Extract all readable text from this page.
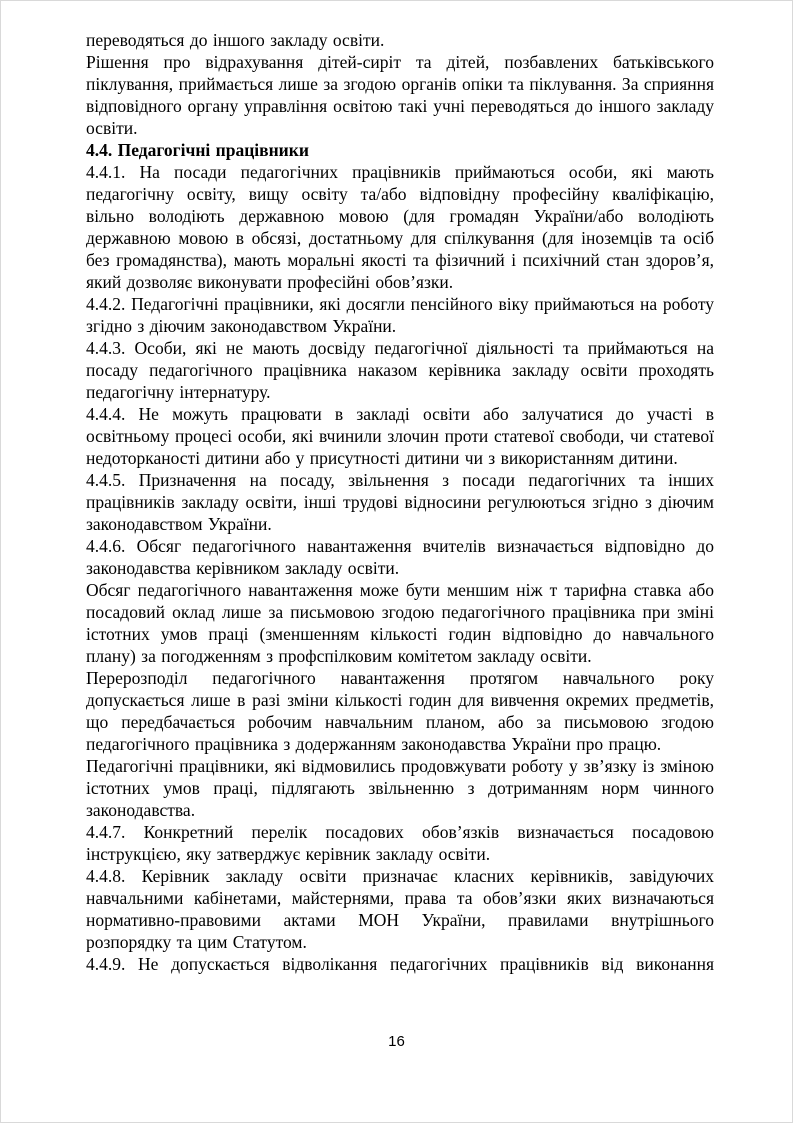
переводяться до іншого закладу освіти.

Рішення про відрахування дітей-сиріт та дітей, позбавлених батьківського піклування, приймається лише за згодою органів опіки та піклування. За сприяння відповідного органу управління освітою такі учні переводяться до іншого закладу освіти.

4.4. Педагогічні працівники

4.4.1. На посади педагогічних працівників приймаються особи, які мають педагогічну освіту, вищу освіту та/або відповідну професійну кваліфікацію, вільно володіють державною мовою (для громадян України/або володіють державною мовою в обсязі, достатньому для спілкування (для іноземців та осіб без громадянства), мають моральні якості та фізичний і психічний стан здоров’я, який дозволяє виконувати професійні обов’язки.

4.4.2. Педагогічні працівники, які досягли пенсійного віку приймаються на роботу згідно з діючим законодавством України.

4.4.3. Особи, які не мають досвіду педагогічної діяльності та приймаються на посаду педагогічного працівника наказом керівника закладу освіти проходять педагогічну інтернатуру.

4.4.4. Не можуть працювати в закладі освіти або залучатися до участі в освітньому процесі особи, які вчинили злочин проти статевої свободи, чи статевої недоторканості дитини або у присутності дитини чи з використанням дитини.

4.4.5. Призначення на посаду, звільнення з посади педагогічних та інших працівників закладу освіти, інші трудові відносини регулюються згідно з діючим законодавством України.

4.4.6. Обсяг педагогічного навантаження вчителів визначається відповідно до законодавства керівником закладу освіти.

Обсяг педагогічного навантаження може бути меншим ніж т тарифна ставка або посадовий оклад лише за письмовою згодою педагогічного працівника при зміні істотних умов праці (зменшенням кількості годин відповідно до навчального плану) за погодженням з профспілковим комітетом закладу освіти.

Перерозподіл педагогічного навантаження протягом навчального року допускається лише в разі зміни кількості годин для вивчення окремих предметів, що передбачається робочим навчальним планом, або за письмовою згодою педагогічного працівника з додержанням законодавства України про працю.

Педагогічні працівники, які відмовились продовжувати роботу у зв’язку із зміною істотних умов праці, підлягають звільненню з дотриманням норм чинного законодавства.

4.4.7. Конкретний перелік посадових обов’язків визначається посадовою інструкцією, яку затверджує керівник закладу освіти.

4.4.8. Керівник закладу освіти призначає класних керівників, завідуючих навчальними кабінетами, майстернями, права та обов’язки яких визначаються нормативно-правовими актами МОН України, правилами внутрішнього розпорядку та цим Статутом.

4.4.9. Не допускається відволікання педагогічних працівників від виконання

16
